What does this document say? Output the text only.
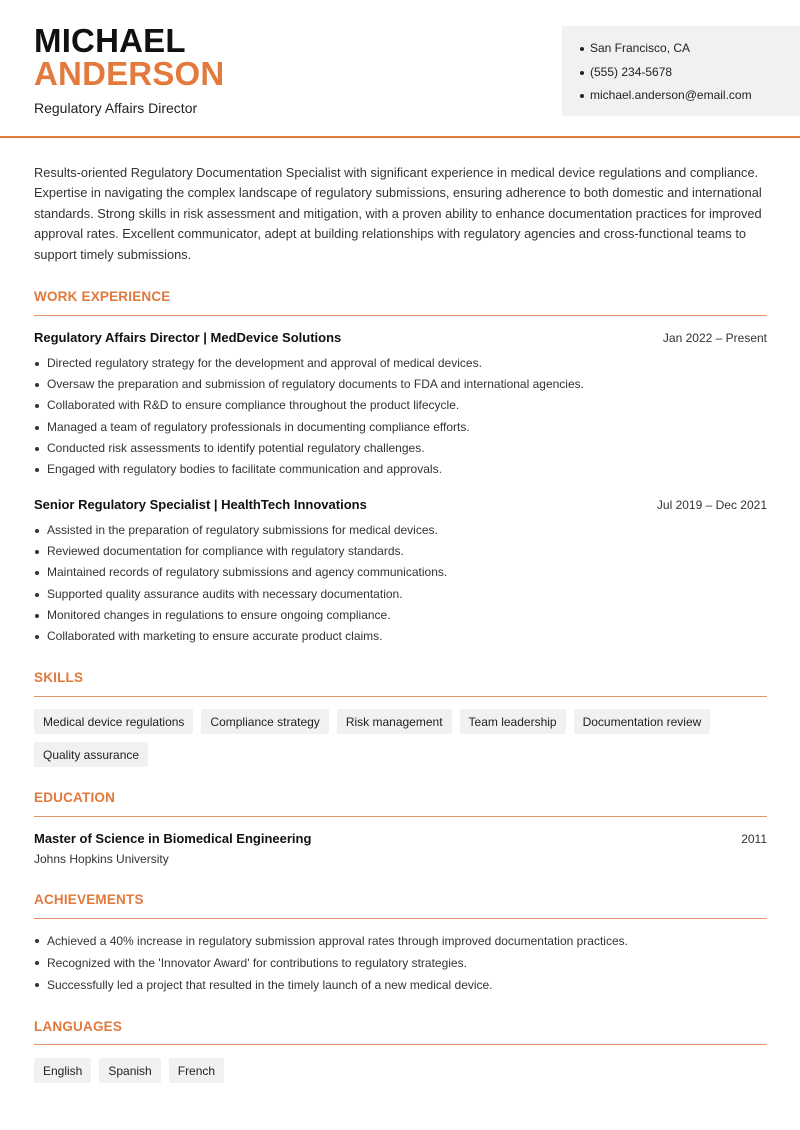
MICHAEL
ANDERSON
Regulatory Affairs Director
San Francisco, CA
(555) 234-5678
michael.anderson@email.com

Results-oriented Regulatory Documentation Specialist with significant experience in medical device regulations and compliance. Expertise in navigating the complex landscape of regulatory submissions, ensuring adherence to both domestic and international standards. Strong skills in risk assessment and mitigation, with a proven ability to enhance documentation practices for improved approval rates. Excellent communicator, adept at building relationships with regulatory agencies and cross-functional teams to support timely submissions.

WORK EXPERIENCE
Regulatory Affairs Director | MedDevice Solutions	Jan 2022 – Present
Directed regulatory strategy for the development and approval of medical devices.
Oversaw the preparation and submission of regulatory documents to FDA and international agencies.
Collaborated with R&D to ensure compliance throughout the product lifecycle.
Managed a team of regulatory professionals in documenting compliance efforts.
Conducted risk assessments to identify potential regulatory challenges.
Engaged with regulatory bodies to facilitate communication and approvals.
Senior Regulatory Specialist | HealthTech Innovations	Jul 2019 – Dec 2021
Assisted in the preparation of regulatory submissions for medical devices.
Reviewed documentation for compliance with regulatory standards.
Maintained records of regulatory submissions and agency communications.
Supported quality assurance audits with necessary documentation.
Monitored changes in regulations to ensure ongoing compliance.
Collaborated with marketing to ensure accurate product claims.
SKILLS
Medical device regulations	Compliance strategy	Risk management	Team leadership	Documentation review
Quality assurance
EDUCATION
Master of Science in Biomedical Engineering	2011
Johns Hopkins University
ACHIEVEMENTS
Achieved a 40% increase in regulatory submission approval rates through improved documentation practices.
Recognized with the 'Innovator Award' for contributions to regulatory strategies.
Successfully led a project that resulted in the timely launch of a new medical device.
LANGUAGES
English	Spanish	French
